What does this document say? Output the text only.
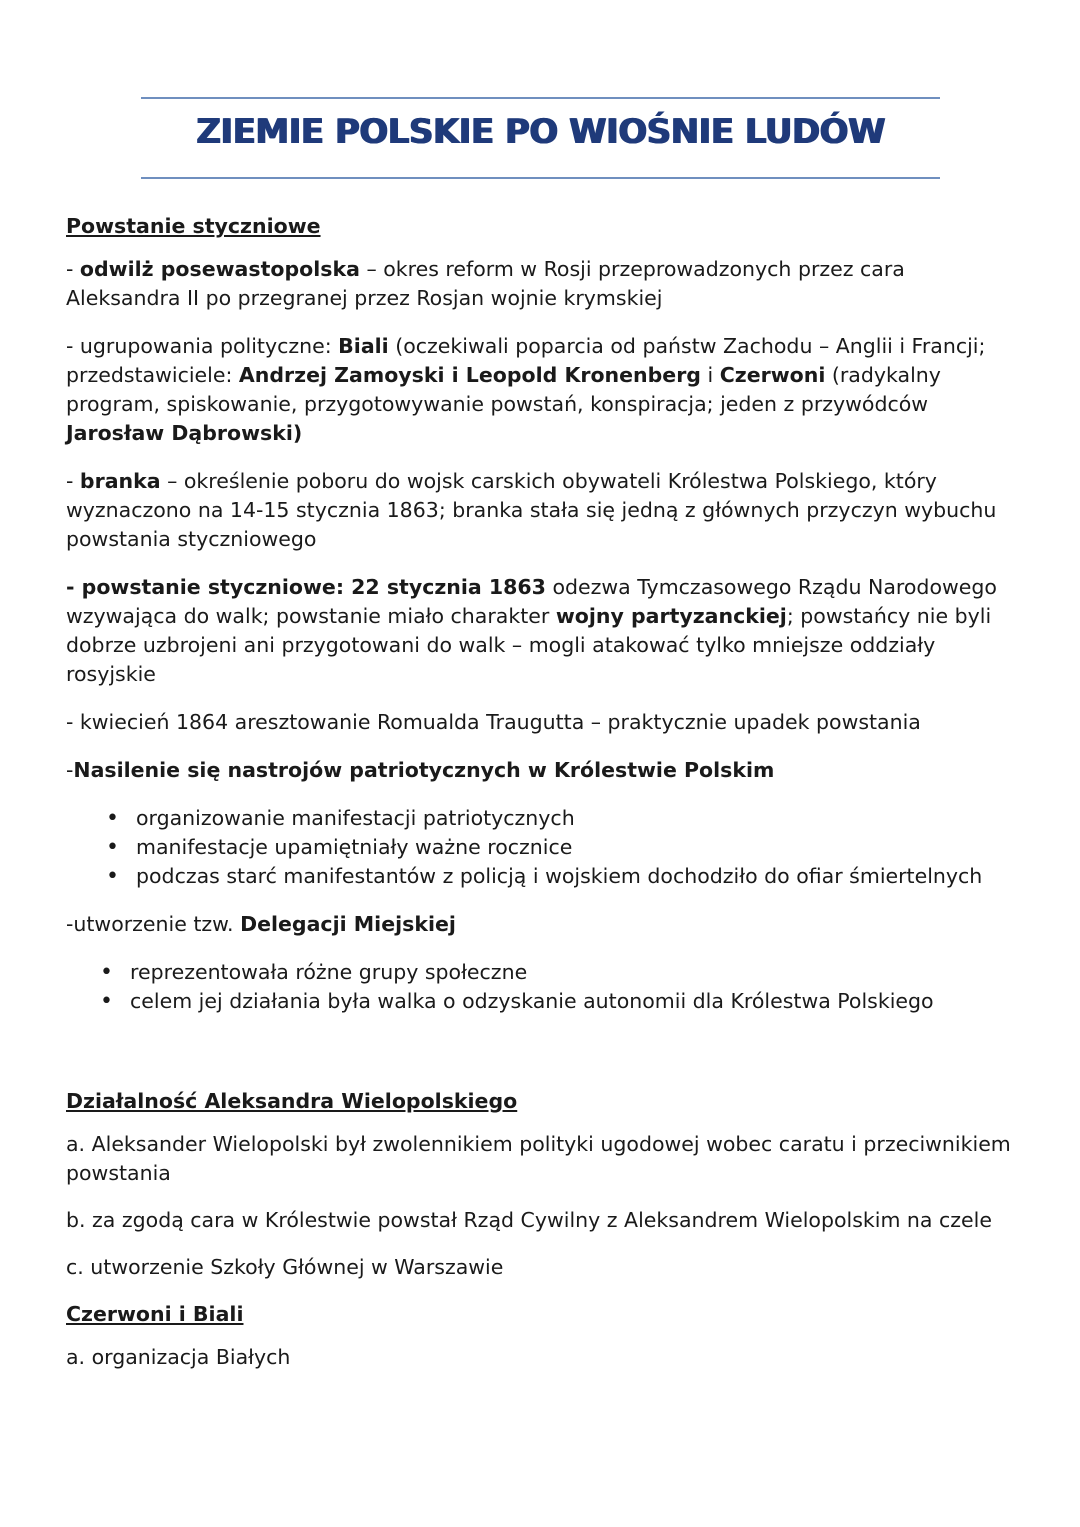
ZIEMIE POLSKIE PO WIOŚNIE LUDÓW
Powstanie styczniowe

- odwilż posewastopolska – okres reform w Rosji przeprowadzonych przez cara Aleksandra II po przegranej przez Rosjan wojnie krymskiej

- ugrupowania polityczne: Biali (oczekiwali poparcia od państw Zachodu – Anglii i Francji; przedstawiciele: Andrzej Zamoyski i Leopold Kronenberg i Czerwoni (radykalny program, spiskowanie, przygotowywanie powstań, konspiracja; jeden z przywódców Jarosław Dąbrowski)

- branka – określenie poboru do wojsk carskich obywateli Królestwa Polskiego, który wyznaczono na 14-15 stycznia 1863; branka stała się jedną z głównych przyczyn wybuchu powstania styczniowego

- powstanie styczniowe: 22 stycznia 1863 odezwa Tymczasowego Rządu Narodowego wzywająca do walk; powstanie miało charakter wojny partyzanckiej; powstańcy nie byli dobrze uzbrojeni ani przygotowani do walk – mogli atakować tylko mniejsze oddziały rosyjskie

- kwiecień 1864 aresztowanie Romualda Traugutta – praktycznie upadek powstania

-Nasilenie się nastrojów patriotycznych w Królestwie Polskim

• organizowanie manifestacji patriotycznych
• manifestacje upamiętniały ważne rocznice
• podczas starć manifestantów z policją i wojskiem dochodziło do ofiar śmiertelnych

-utworzenie tzw. Delegacji Miejskiej

• reprezentowała różne grupy społeczne
• celem jej działania była walka o odzyskanie autonomii dla Królestwa Polskiego
Działalność Aleksandra Wielopolskiego

a. Aleksander Wielopolski był zwolennikiem polityki ugodowej wobec caratu i przeciwnikiem powstania

b. za zgodą cara w Królestwie powstał Rząd Cywilny z Aleksandrem Wielopolskim na czele

c. utworzenie Szkoły Głównej w Warszawie

Czerwoni i Biali

a. organizacja Białych
